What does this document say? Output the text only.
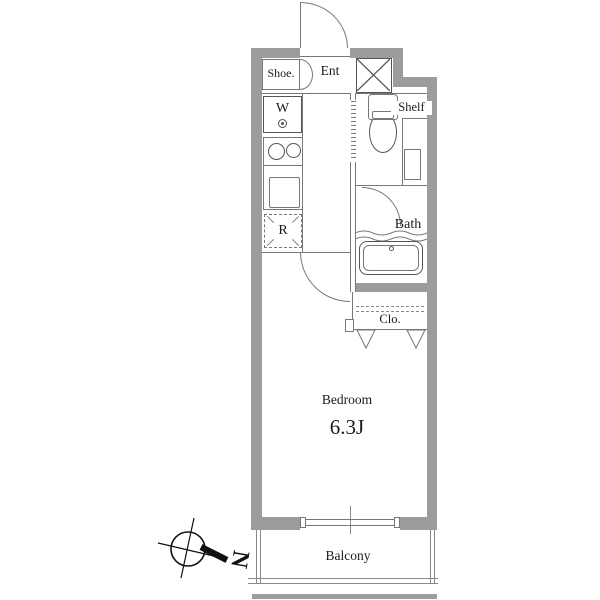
Shoe.	Ent
W
R
Shelf
Bath
Clo.
Bedroom
6.3J
Balcony
N
